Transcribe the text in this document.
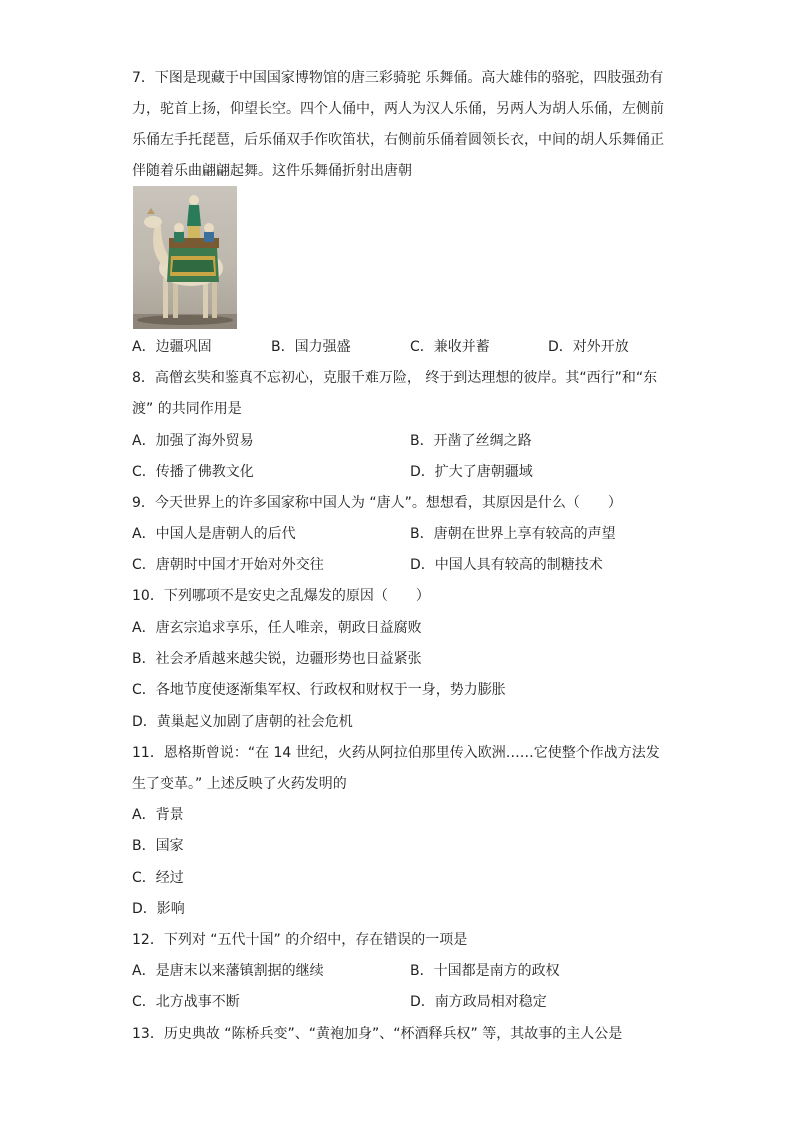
7．下图是现藏于中国国家博物馆的唐三彩骑驼 乐舞俑。高大雄伟的骆驼，四肢强劲有
力，驼首上扬，仰望长空。四个人俑中，两人为汉人乐俑，另两人为胡人乐俑，左侧前
乐俑左手托琵琶，后乐俑双手作吹笛状，右侧前乐俑着圆领长衣，中间的胡人乐舞俑正
伴随着乐曲翩翩起舞。这件乐舞俑折射出唐朝
A．边疆巩固	B．国力强盛	C．兼收并蓄	D．对外开放
8．高僧玄奘和鉴真不忘初心，克服千难万险， 终于到达理想的彼岸。其“西行”和“东
渡” 的共同作用是
A．加强了海外贸易	B．开凿了丝绸之路
C．传播了佛教文化	D．扩大了唐朝疆域
9．今天世界上的许多国家称中国人为 “唐人”。想想看，其原因是什么（　　）
A．中国人是唐朝人的后代	B．唐朝在世界上享有较高的声望
C．唐朝时中国才开始对外交往	D．中国人具有较高的制糖技术
10．下列哪项不是安史之乱爆发的原因（　　）
A．唐玄宗追求享乐，任人唯亲，朝政日益腐败
B．社会矛盾越来越尖锐，边疆形势也日益紧张
C．各地节度使逐渐集军权、行政权和财权于一身，势力膨胀
D．黄巢起义加剧了唐朝的社会危机
11．恩格斯曾说：“在 14 世纪，火药从阿拉伯那里传入欧洲……它使整个作战方法发
生了变革。” 上述反映了火药发明的
A．背景
B．国家
C．经过
D．影响
12．下列对 “五代十国” 的介绍中，存在错误的一项是
A．是唐末以来藩镇割据的继续	B．十国都是南方的政权
C．北方战事不断	D．南方政局相对稳定
13．历史典故 “陈桥兵变”、“黄袍加身”、“杯酒释兵权” 等，其故事的主人公是
